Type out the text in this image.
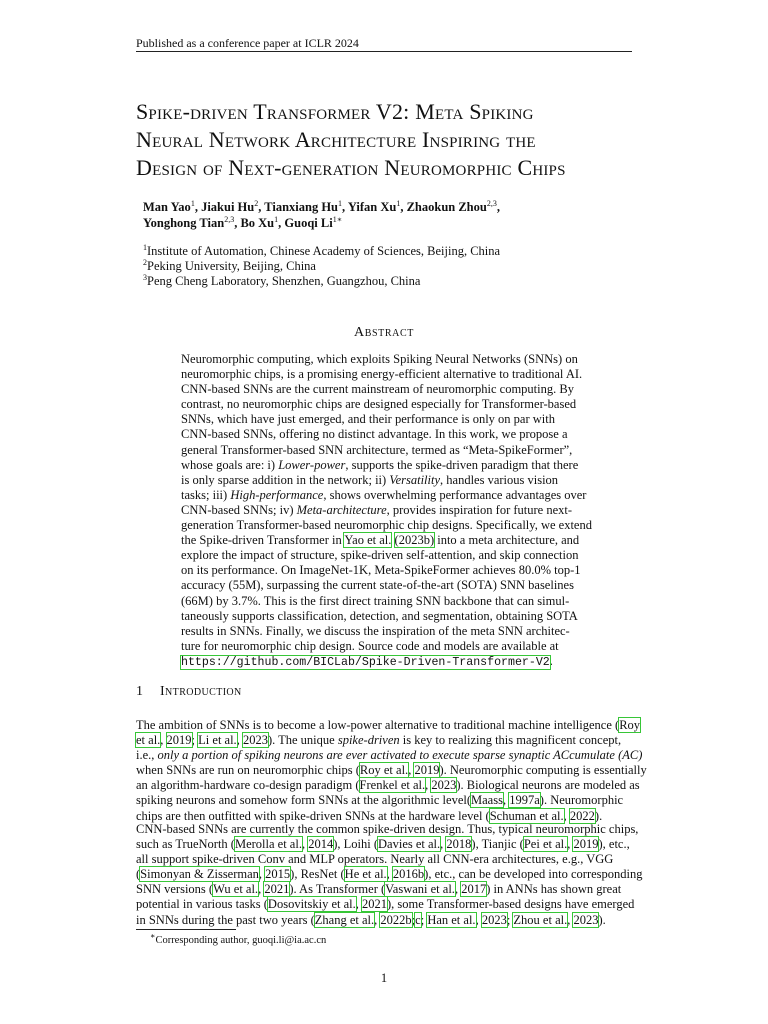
Published as a conference paper at ICLR 2024
Spike-driven Transformer V2: Meta Spiking
Neural Network Architecture Inspiring the
Design of Next-generation Neuromorphic Chips
Man Yao$^1$, Jiakui Hu$^2$, Tianxiang Hu$^1$, Yifan Xu$^1$, Zhaokun Zhou$^{2,3}$,
Yonghong Tian$^{2,3}$, Bo Xu$^1$, Guoqi $Li^{1∗}$
$^1$Institute of Automation, Chinese Academy of Sciences, Beijing, China
$^2$Peking University, Beijing, China
$^3$Peng Cheng Laboratory, Shenzhen, Guangzhou, China
Abstract
Neuromorphic computing, which exploits Spiking Neural Networks (SNNs) on
neuromorphic chips, is a promising energy-efficient alternative to traditional AI.
CNN-based SNNs are the current mainstream of neuromorphic computing. By
contrast, no neuromorphic chips are designed especially for Transformer-based
SNNs, which have just emerged, and their performance is only on par with
CNN-based SNNs, offering no distinct advantage. In this work, we propose a
general Transformer-based SNN architecture, termed as “Meta-SpikeFormer”,
whose goals are: i) Lower-power, supports the spike-driven paradigm that there
is only sparse addition in the network; ii) Versatility, handles various vision
tasks; iii) High-performance, shows overwhelming performance advantages over
CNN-based SNNs; iv) Meta-architecture, provides inspiration for future next-
generation Transformer-based neuromorphic chip designs. Specifically, we extend
the Spike-driven Transformer in Yao et al. (2023b) into a meta architecture, and
explore the impact of structure, spike-driven self-attention, and skip connection
on its performance. On ImageNet-1K, Meta-SpikeFormer achieves 80.0% top-1
accuracy (55M), surpassing the current state-of-the-art (SOTA) SNN baselines
(66M) by 3.7%. This is the first direct training SNN backbone that can simul-
taneously supports classification, detection, and segmentation, obtaining SOTA
results in SNNs. Finally, we discuss the inspiration of the meta SNN architec-
ture for neuromorphic chip design. Source code and models are available at
https://github.com/BICLab/Spike-Driven-Transformer-V2.
1 Introduction
The ambition of SNNs is to become a low-power alternative to traditional machine intelligence (Roy
et al., 2019; Li et al., 2023). The unique spike-driven is key to realizing this magnificent concept,
i.e., only a portion of spiking neurons are ever activated to execute sparse synaptic ACcumulate (AC)
when SNNs are run on neuromorphic chips (Roy et al., 2019). Neuromorphic computing is essentially
an algorithm-hardware co-design paradigm (Frenkel et al., 2023). Biological neurons are modeled as
spiking neurons and somehow form SNNs at the algorithmic level(Maass, 1997a). Neuromorphic
chips are then outfitted with spike-driven SNNs at the hardware level (Schuman et al., 2022).
CNN-based SNNs are currently the common spike-driven design. Thus, typical neuromorphic chips,
such as TrueNorth (Merolla et al., 2014), Loihi (Davies et al., 2018), Tianjic (Pei et al., 2019), etc.,
all support spike-driven Conv and MLP operators. Nearly all CNN-era architectures, e.g., VGG
(Simonyan & Zisserman, 2015), ResNet (He et al., 2016b), etc., can be developed into corresponding
SNN versions (Wu et al., 2021). As Transformer (Vaswani et al., 2017) in ANNs has shown great
potential in various tasks (Dosovitskiy et al., 2021), some Transformer-based designs have emerged
in SNNs during the past two years (Zhang et al., 2022b;c; Han et al., 2023; Zhou et al., 2023).
∗Corresponding author, guoqi.li@ia.ac.cn
1
